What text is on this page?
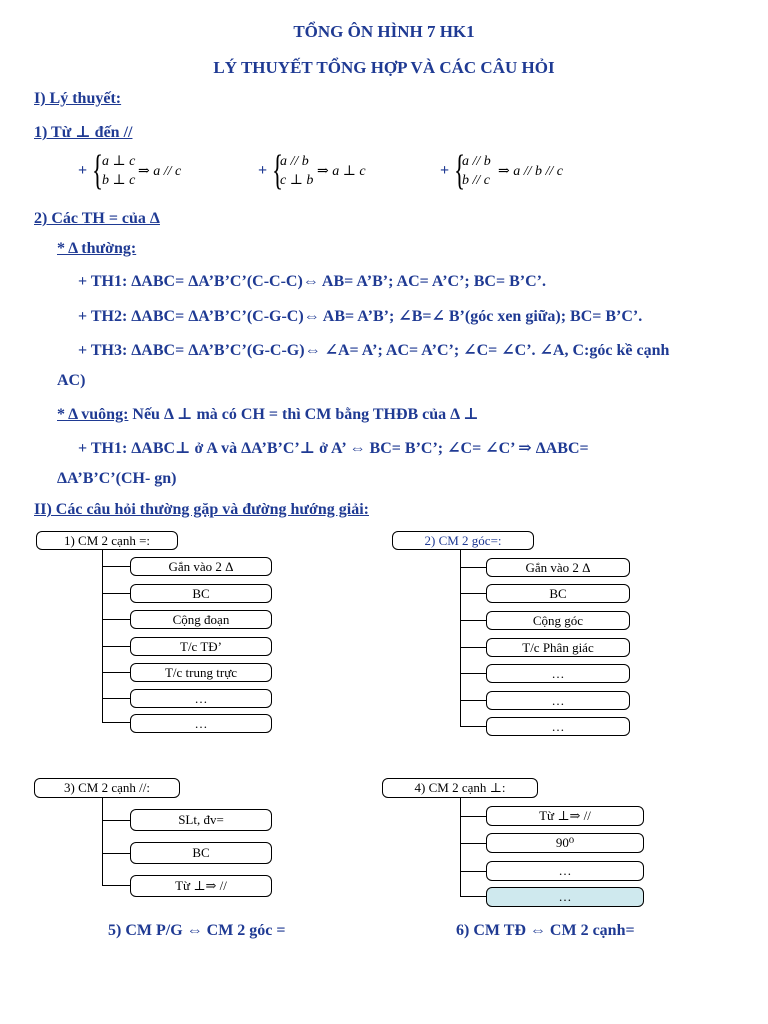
TỔNG ÔN HÌNH 7 HK1
LÝ THUYẾT TỔNG HỢP VÀ CÁC CÂU HỎI
I) Lý thuyết:
1) Từ ⊥ đến //
+ {
a ⊥ c
b ⊥ c
⇒ a // c	+ {
a // b
c ⊥ b
⇒ a ⊥ c	+ {
a // b
b // c
⇒ a // b // c
2) Các TH = của Δ
* Δ thường:
+ TH1: ΔABC= ΔA’B’C’(C-C-C)⇔ AB= A’B’; AC= A’C’; BC= B’C’.
+ TH2: ΔABC= ΔA’B’C’(C-G-C)⇔ AB= A’B’; ∠B=∠ B’(góc xen giữa); BC= B’C’.
+ TH3: ΔABC= ΔA’B’C’(G-C-G)⇔ ∠A= A’; AC= A’C’; ∠C= ∠C’. ∠A, C:góc kề cạnh
AC)
* Δ vuông: Nếu Δ ⊥ mà có CH = thì CM bằng THĐB của Δ ⊥
+ TH1: ΔABC⊥ ở A và ΔA’B’C’⊥ ở A’ ⇔ BC= B’C’; ∠C= ∠C’ ⇒ ΔABC=
ΔA’B’C’(CH- gn)
II) Các câu hỏi thường gặp và đường hướng giải:
1) CM 2 cạnh =:
Gắn vào 2 Δ
BC
Cộng đoạn
T/c TĐ’
T/c trung trực
…
…
2) CM 2 góc=:
Gắn vào 2 Δ
BC
Cộng góc
T/c Phân giác
…
…
…
3) CM 2 cạnh //:
SLt, đv=
BC
Từ ⊥⇒ //
4) CM 2 cạnh ⊥:
Từ ⊥⇒ //
90⁰
…
…
5) CM P/G ⇔ CM 2 góc =	6) CM TĐ ⇔ CM 2 cạnh=
